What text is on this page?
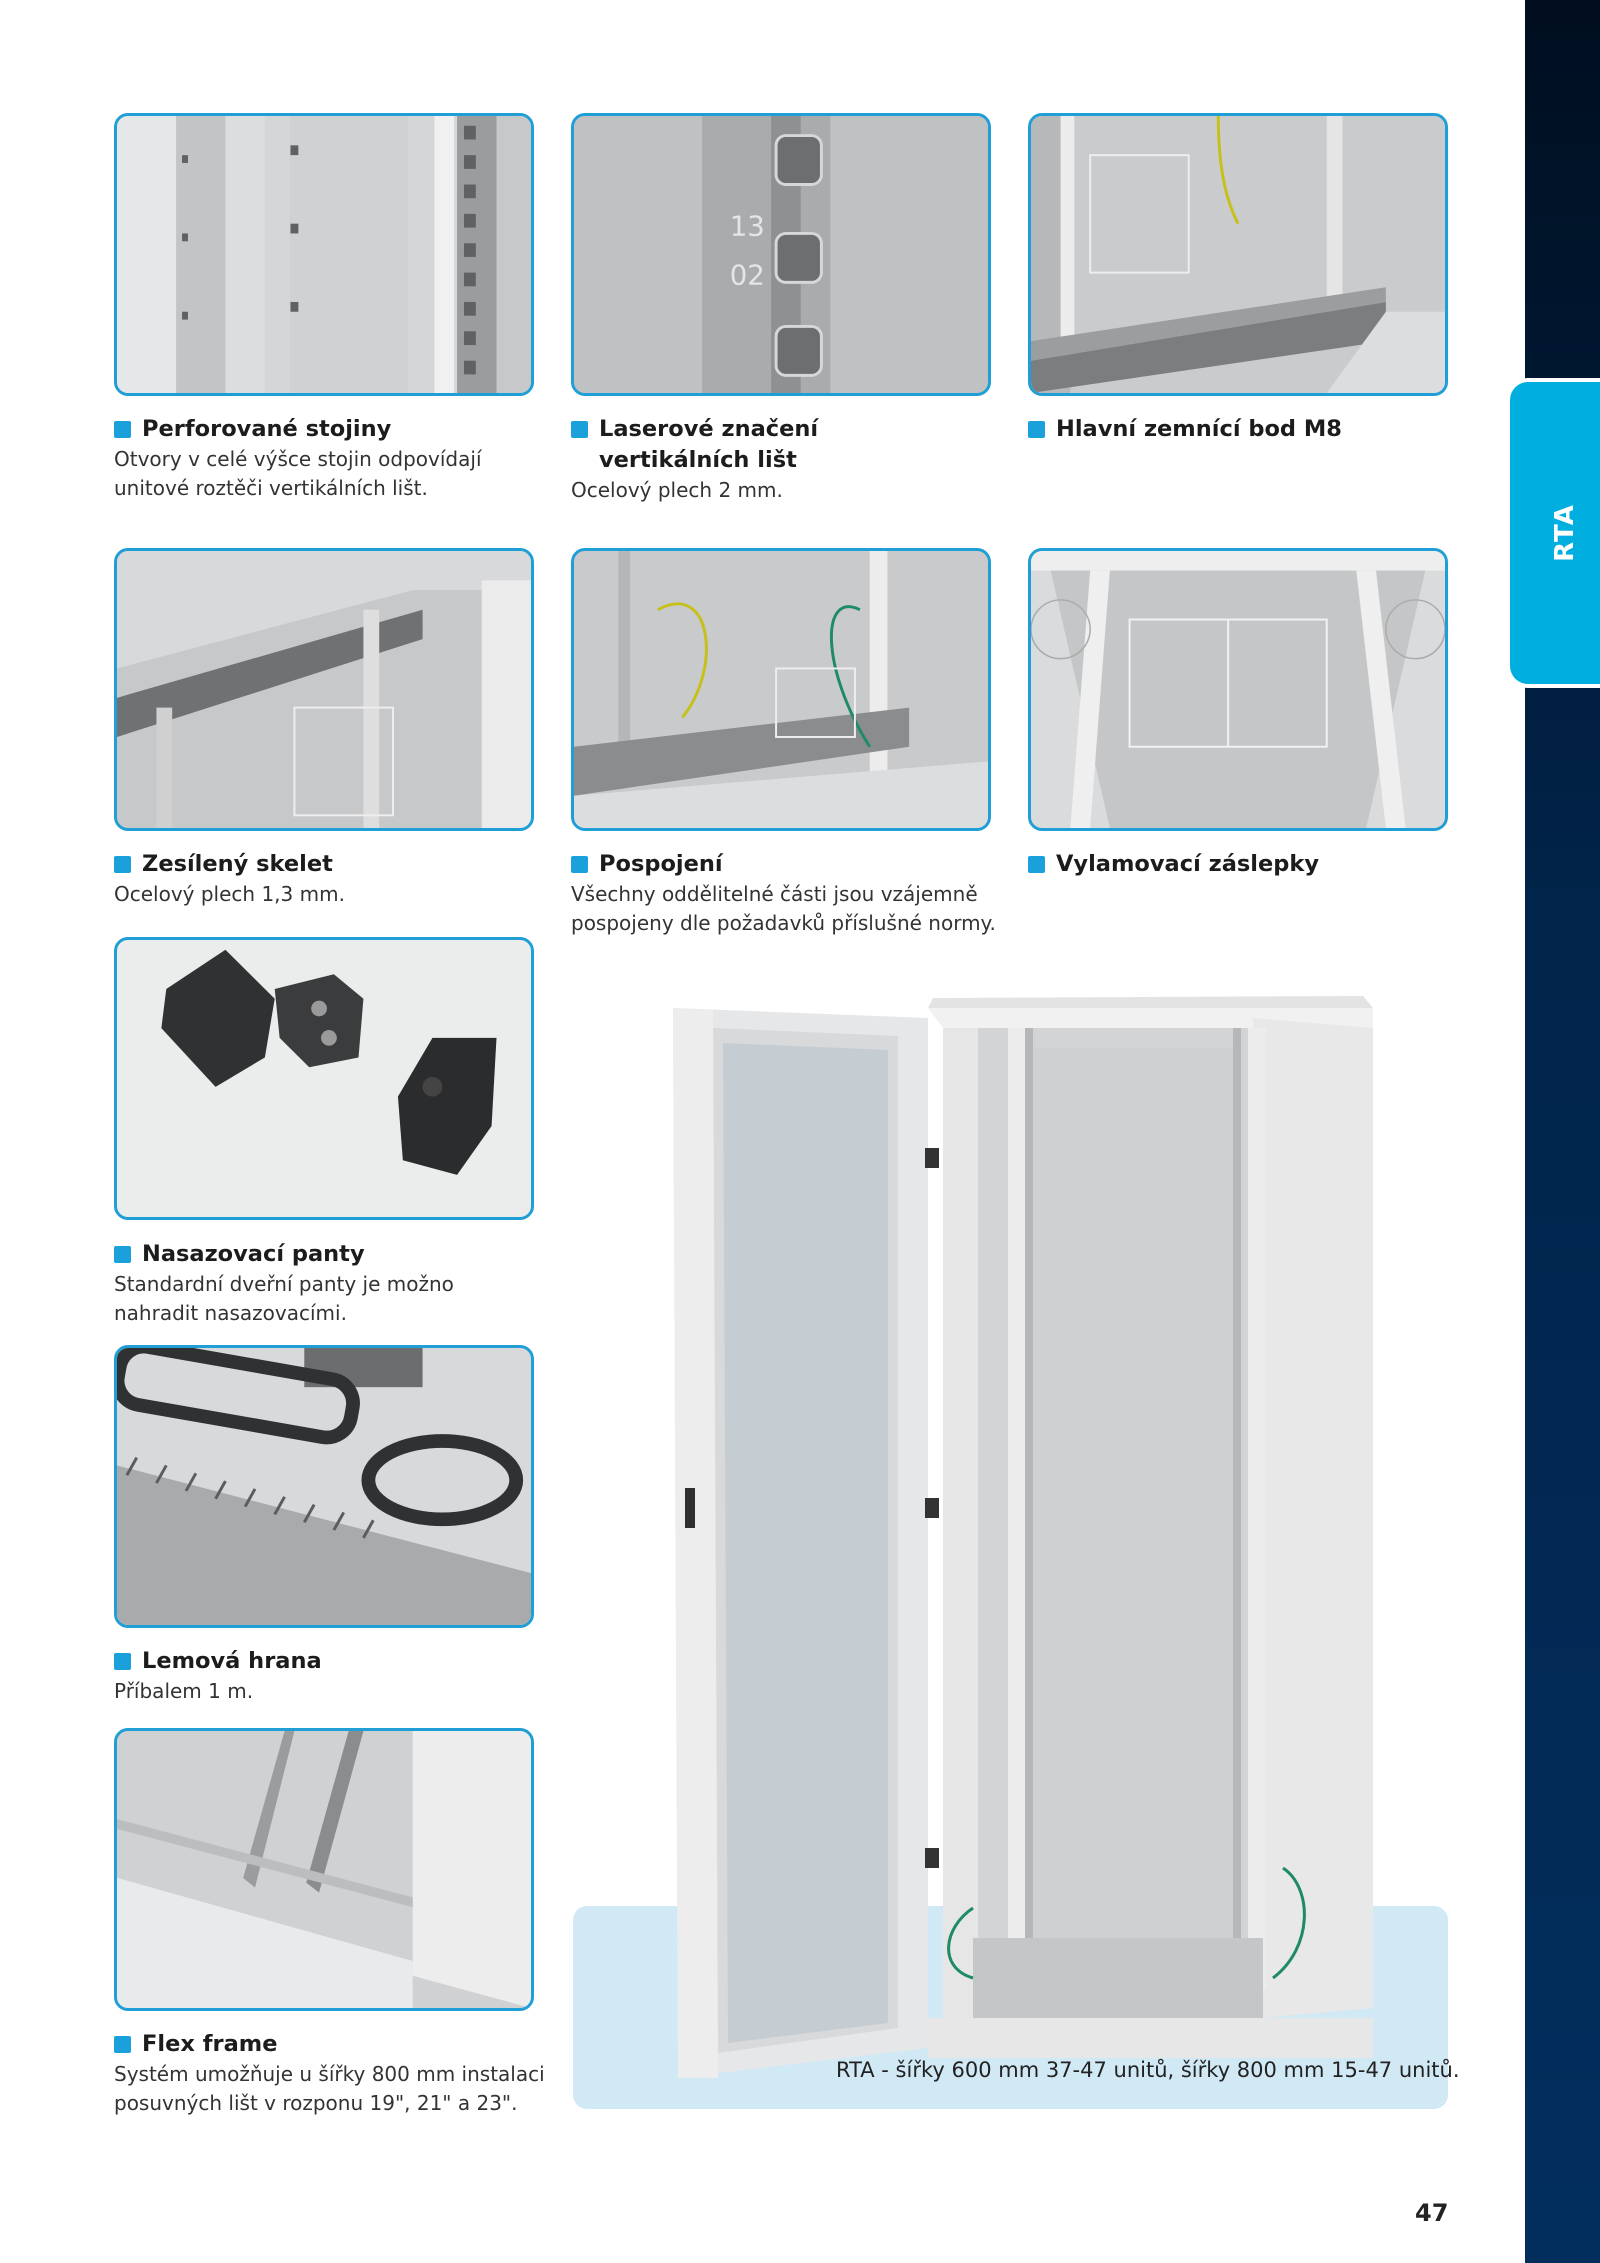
RTA
13
02
Perforované stojiny

Otvory v celé výšce stojin odpovídají unitové roztěči vertikálních lišt.

Laserové značení vertikálních lišt

Ocelový plech 2 mm.

Hlavní zemnící bod M8
Zesílený skelet

Ocelový plech 1,3 mm.

Pospojení

Všechny oddělitelné části jsou vzájemně pospojeny dle požadavků příslušné normy.

Vylamovací záslepky
Nasazovací panty

Standardní dveřní panty je možno nahradit nasazovacími.

Lemová hrana

Příbalem 1 m.

Flex frame

Systém umožňuje u šířky 800 mm instalaci posuvných lišt v rozponu 19", 21" a 23".

RTA - šířky 600 mm 37-47 unitů, šířky 800 mm 15-47 unitů.
47
